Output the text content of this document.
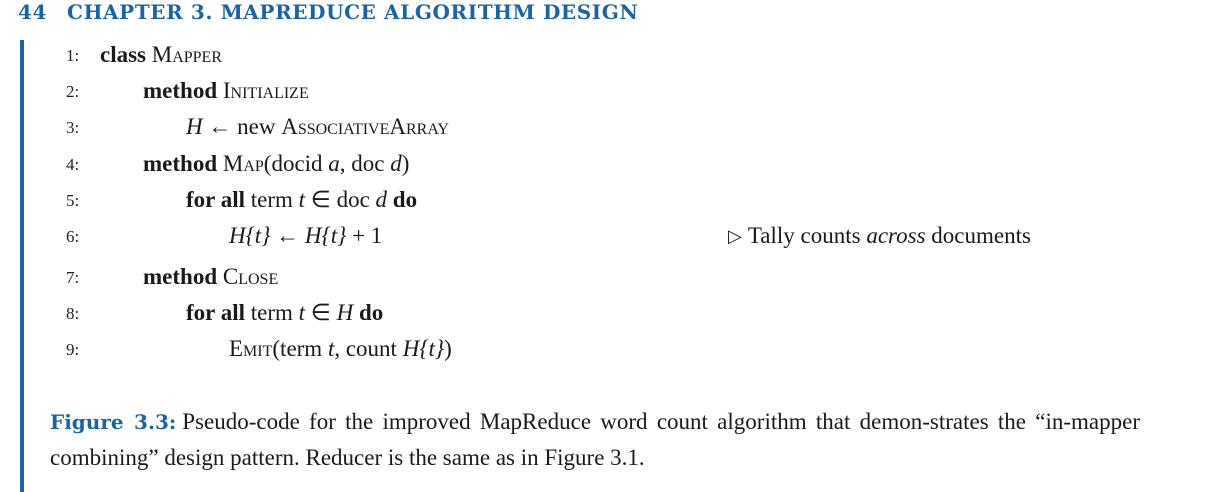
44 CHAPTER 3. MAPREDUCE ALGORITHM DESIGN
1: class Mapper
2:	method Initialize
3:	H ← new AssociativeArray
4:	method Map(docid a, doc d)
5:	for all term t ∈ doc d do
6:	H{t} ← H{t} + 1	▷ Tally counts across documents
7:	method Close
8:	for all term t ∈ H do
9:	Emit(term t, count H{t})
Figure 3.3: Pseudo-code for the improved MapReduce word count algorithm that demon-strates the “in-mapper combining” design pattern. Reducer is the same as in Figure 3.1.
